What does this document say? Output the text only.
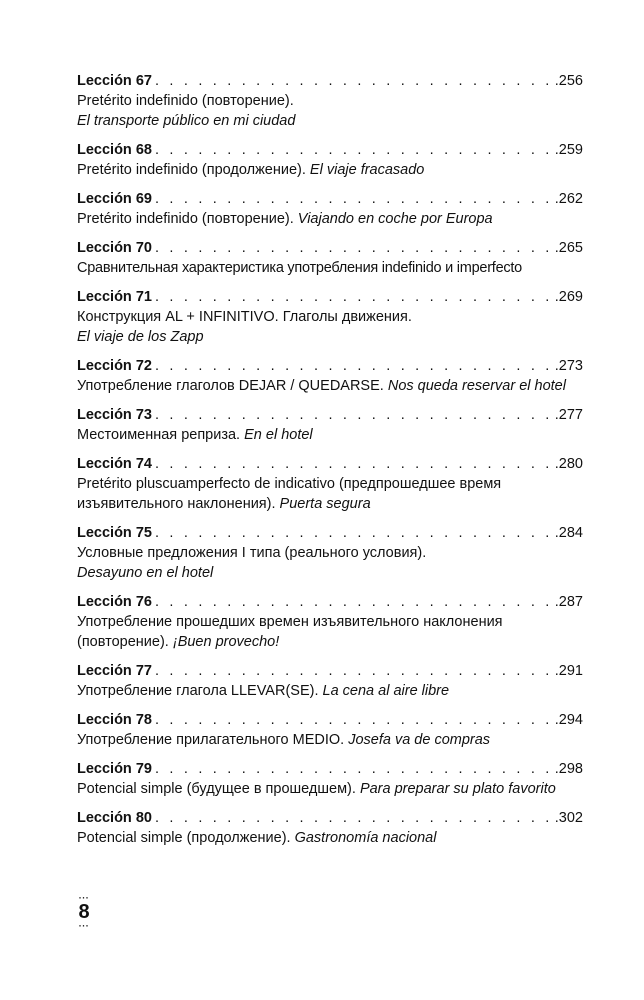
Lección 67 . . .	.256
Pretérito indefinido (повторение).
El transporte público en mi ciudad
Lección 68 . . .	.259
Pretérito indefinido (продолжение). El viaje fracasado
Lección 69 . . .	.262
Pretérito indefinido (повторение). Viajando en coche por Europa
Lección 70 . . .	.265
Сравнительная характеристика употребления indefinido и imperfecto
Lección 71 . . .	.269
Конструкция AL + INFINITIVO. Глаголы движения.
El viaje de los Zapp
Lección 72 . . .	.273
Употребление глаголов DEJAR / QUEDARSE. Nos queda reservar el hotel
Lección 73 . . .	.277
Местоименная реприза. En el hotel
Lección 74 . . .	.280
Pretérito pluscuamperfecto de indicativo (предпрошедшее время изъявительного наклонения). Puerta segura
Lección 75 . . .	.284
Условные предложения I типа (реального условия).
Desayuno en el hotel
Lección 76 . . .	.287
Употребление прошедших времен изъявительного наклонения (повторение). ¡Buen provecho!
Lección 77 . . .	.291
Употребление глагола LLEVAR(SE). La cena al aire libre
Lección 78 . . .	.294
Употребление прилагательного MEDIO. Josefa va de compras
Lección 79 . . .	.298
Potencial simple (будущее в прошедшем). Para preparar su plato favorito
Lección 80 . . .	.302
Potencial simple (продолжение). Gastronomía nacional
···
8
···
